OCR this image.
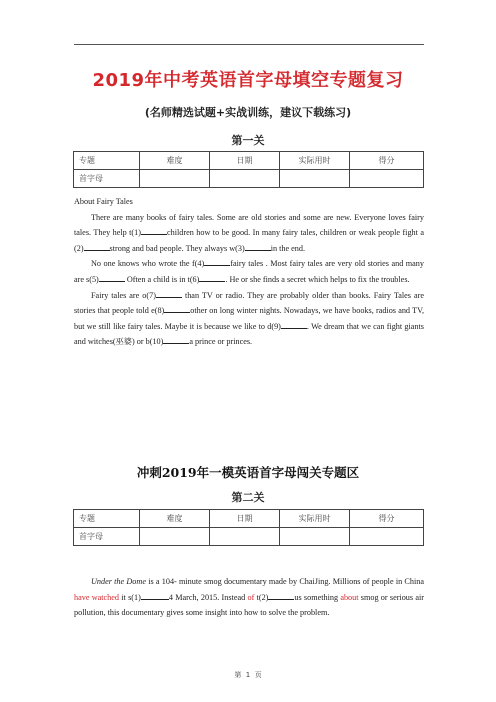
2019年中考英语首字母填空专题复习
(名师精选试题+实战训练，建议下载练习)
第一关
专题	难度	日期	实际用时	得分
首字母				

About Fairy Tales

There are many books of fairy tales. Some are old stories and some are new. Everyone loves fairy tales. They help t(1)	children how to be good. In many fairy tales, children or weak people fight a (2)	strong and bad people. They always w(3)	in the end.

No one knows who wrote the f(4)	fairy tales . Most fairy tales are very old stories and many are s(5)	Often a child is in t(6)	. He or she finds a secret which helps to fix the troubles.

Fairy tales are o(7)	than TV or radio. They are probably older than books. Fairy Tales are stories that people told e(8)	other on long winter nights. Nowadays, we have books, radios and TV, but we still like fairy tales. Maybe it is because we like to d(9)	. We dream that we can fight giants and witches(巫婆) or b(10)	a prince or princes.

冲刺2019年一模英语首字母闯关专题区
第二关
专题	难度	日期	实际用时	得分
首字母				

Under the Dome is a 104- minute smog documentary made by ChaiJing. Millions of people in China have watched it s(1)	4 March, 2015. Instead of t(2)	us something about smog or serious air pollution, this documentary gives some insight into how to solve the problem.

第 1 页
